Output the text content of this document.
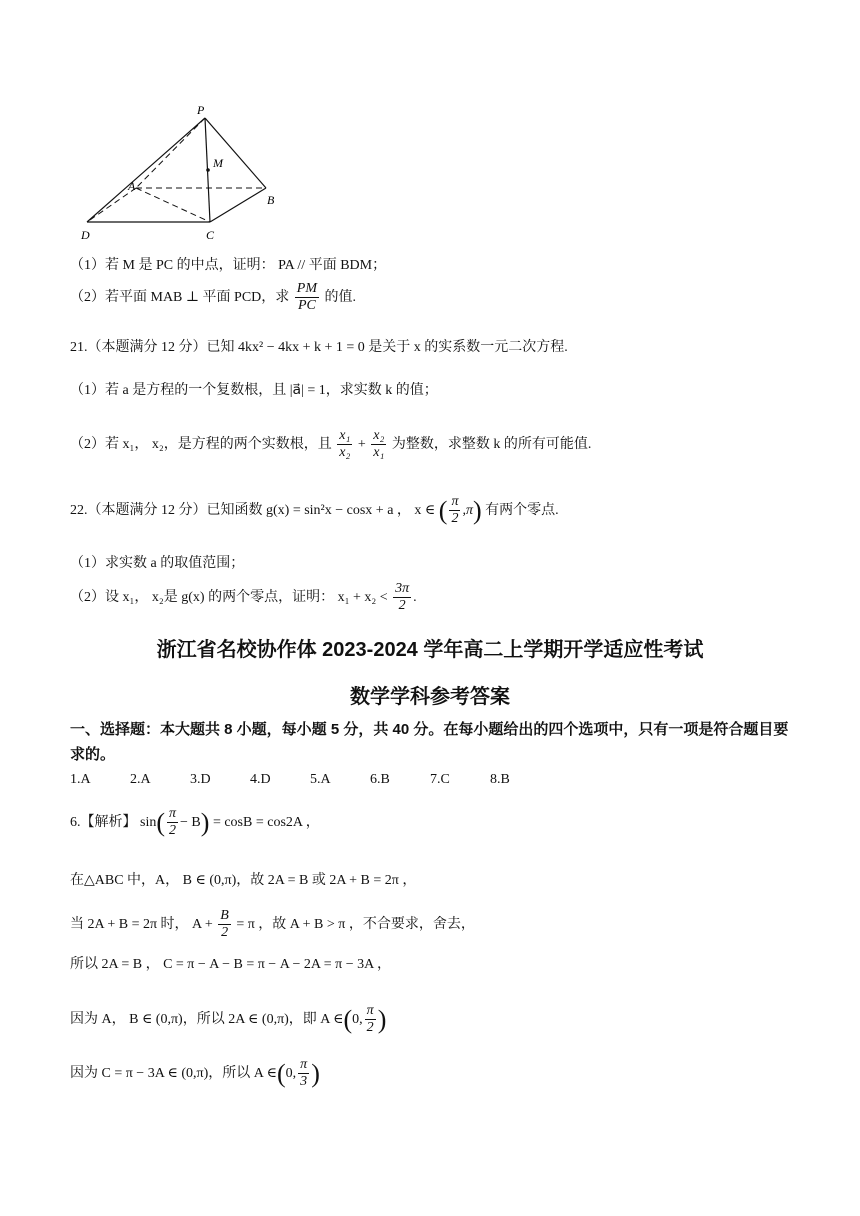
P
M
A
B
C
D
（1）若 M 是 PC 的中点，证明： PA // 平面 BDM；
（2）若平面 MAB ⊥ 平面 PCD，求 $\frac{PM}{PC}$ 的值.
21.（本题满分 12 分）已知 4kx² − 4kx + k + 1 = 0 是关于 x 的实系数一元二次方程.
（1）若 a 是方程的一个复数根，且 |a⃗| = 1，求实数 k 的值；
（2）若 x₁， x₂，是方程的两个实数根，且 $\frac{\text{x₁}}{\text{x₂}} + \frac{\text{x₂}}{\text{x₁}}$ 为整数，求整数 k 的所有可能值.
22.（本题满分 12 分）已知函数 g(x) = sin²x − cosx + a ， x ∈ ( $\frac{\pi}{2} ,\pi$) 有两个零点.
（1）求实数 a 的取值范围；
（2）设 x₁， x₂是 g(x) 的两个零点，证明： $x_1 + x_2 < \frac{3\pi}{2}$ .
浙江省名校协作体 2023-2024 学年高二上学期开学适应性考试
数学学科参考答案
一、选择题：本大题共 8 小题，每小题 5 分，共 40 分。在每小题给出的四个选项中，只有一项是符合题目要求的。
1.A	2.A	3.D	4.D	5.A	6.B	7.C	8.B
6.【解析】 $\sin( \frac{\pi}{2} - B) = \cos B = \cos 2A$ ，
在△ABC 中，A， B ∈ (0,π)，故 2A = B 或 2A + B = 2π ，
当 2A + B = 2π 时， $A + \frac{B}{2} = \pi$ ，故 A + B > π ，不合要求，舍去，
所以 2A = B ， C = π − A − B = π − A − 2A = π − 3A ，
因为 A， B ∈ (0,π)，所以 2A ∈ (0,π)，即 A ∈(0, $\frac{\pi}{2}$ )
因为 C = π − 3A ∈ (0,π)，所以 A ∈(0, $\frac{\pi}{3}$ )
